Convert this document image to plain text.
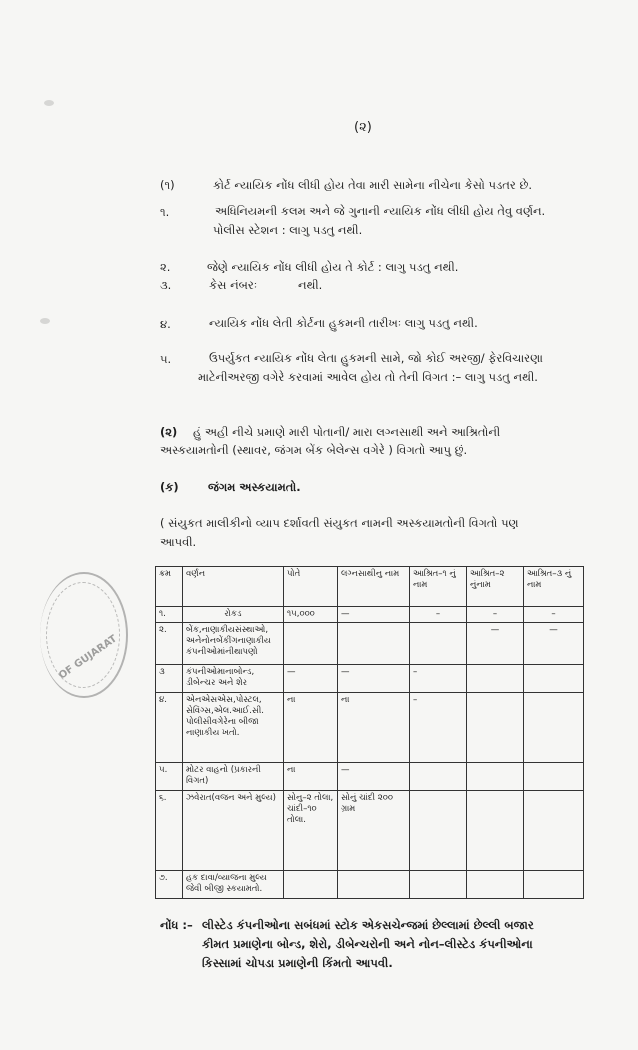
(૨)
(૧)	કોર્ટ ન્યાયિક નોંધ લીધી હોય તેવા મારી સામેના નીચેના કેસો પડતર છે.
૧.	અધિનિયમની કલમ અને જે ગુનાની ન્યાયિક નોંધ લીધી હોય તેવુ વર્ણન.
પોલીસ સ્ટેશન : લાગુ પડતુ નથી.
૨.	જેણે ન્યાયિક નોંધ લીધી હોય તે કોર્ટ : લાગુ પડતુ નથી.
૩.	કેસ નંબરઃ	નથી.
૪.	ન્યાયિક નોંધ લેતી કોર્ટના હુકમની તારીખઃ લાગુ પડતુ નથી.
૫.	ઉપર્યુકત ન્યાયિક નોંધ લેતા હુકમની સામે, જો કોઈ અરજી/ ફેરવિચારણા
માટેનીઅરજી વગેરે કરવામાં આવેલ હોય તો તેની વિગત :– લાગુ પડતુ નથી.
(૨) હું અહી નીચે પ્રમાણે મારી પોતાની/ મારા લગ્નસાથી અને આશ્રિતોની
અસ્કયામતોની (સ્થાવર, જંગમ બેંક બેલેન્સ વગેરે ) વિગતો આપુ છું.
(ક)	જંગમ અસ્કયામતો.
( સંયુકત માલીકીનો વ્યાપ દર્શાવતી સંયુકત નામની અસ્કયામતોની વિગતો પણ
આપવી.
OF GUJARAT
ક્રમ	વર્ણન	પોતે	લગ્નસાથીનુ નામ	આશ્રિત–૧ નું નામ	આશ્રિત–૨ નુંનામ	આશ્રિત–૩ નું નામ
૧.	રોકડ	૧૫,૦૦૦	—	–	–	–
૨.	બેંક,નાણાકીયસંસ્થાઓ, અનેનોનબેંકીંગનાણાકીય કંપનીઓમાંનીથાપણો				—	—
૩	કંપનીઓમાનાબોન્ડ, ડીબેન્ચર અને શેર	—	—	–		
૪.	એનએસએસ,પોસ્ટલ, સેવિંગ્સ,એલ.આઈ.સી. પોલીસીવગેરેના બીજા નાણાકીય ખતો.	ના	ના	–		
૫.	મોટર વાહનો (પ્રકારની વિગત)	ના	—			
૬.	ઝવેરાત(વજન અને મુલ્ય)	સોનુ–૨ તોલા, ચાંદી–૧૦ તોલા.	સોનું ચાંદી ૨૦૦ ગ્રામ			
૭.	હક દાવા/વ્યાજના મુલ્ય જેવી બીજી સ્કયામતો.					
નોંધ :– લીસ્ટેડ કંપનીઓના સબંધમાં સ્ટોક એકસચેન્જમાં છેલ્લામાં છેલ્લી બજાર
કીમત પ્રમાણેના બોન્ડ, શેરો, ડીબેન્ચરોની અને નોન–લીસ્ટેડ કંપનીઓના
કિસ્સામાં ચોપડા પ્રમાણેની કિંમતો આપવી.
